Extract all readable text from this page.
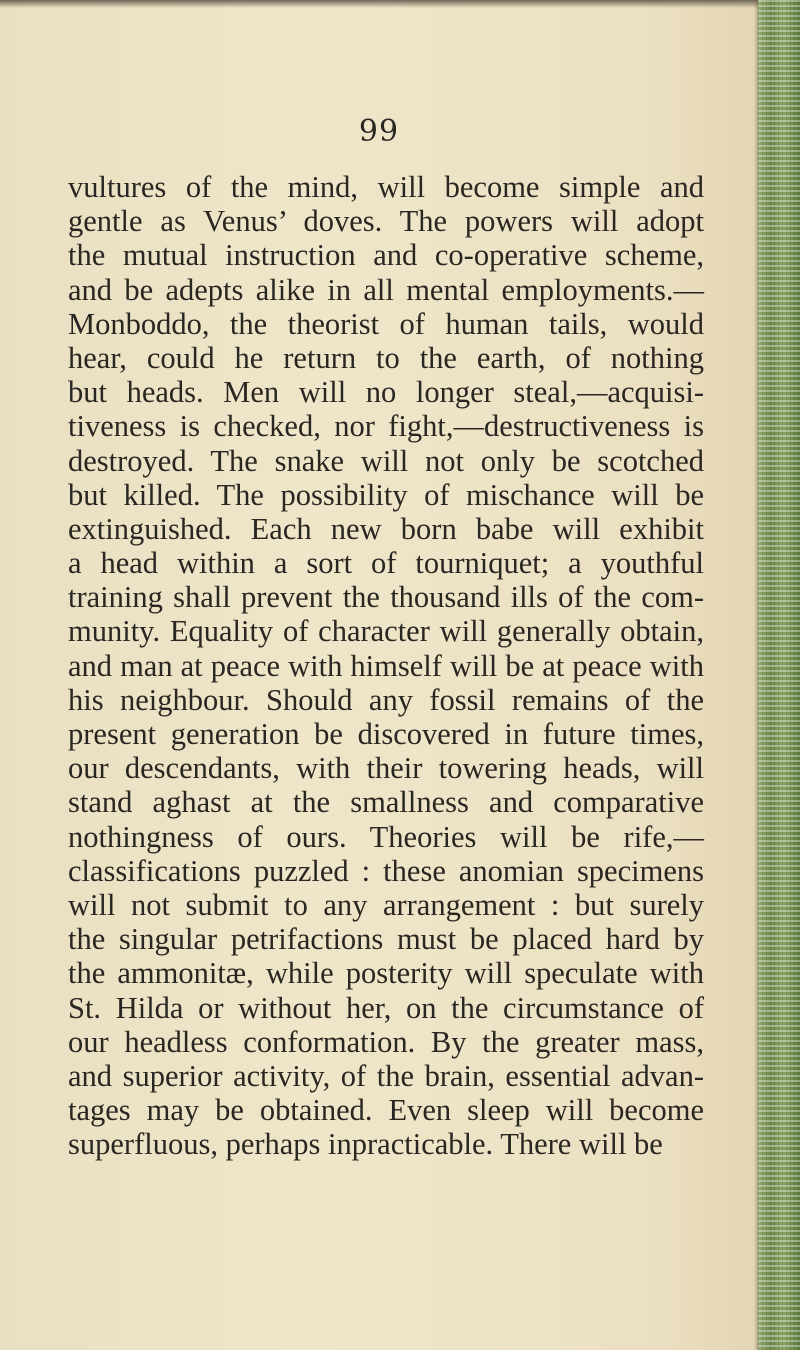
99
vultures of the mind, will become simple and
gentle as Venus’ doves. The powers will adopt
the mutual instruction and co-operative scheme,
and be adepts alike in all mental employments.—
Monboddo, the theorist of human tails, would
hear, could he return to the earth, of nothing
but heads. Men will no longer steal,—acquisi-
tiveness is checked, nor fight,—destructiveness is
destroyed. The snake will not only be scotched
but killed. The possibility of mischance will be
extinguished. Each new born babe will exhibit
a head within a sort of tourniquet; a youthful
training shall prevent the thousand ills of the com-
munity. Equality of character will generally obtain,
and man at peace with himself will be at peace with
his neighbour. Should any fossil remains of the
present generation be discovered in future times,
our descendants, with their towering heads, will
stand aghast at the smallness and comparative
nothingness of ours. Theories will be rife,—
classifications puzzled : these anomian specimens
will not submit to any arrangement : but surely
the singular petrifactions must be placed hard by
the ammonitæ, while posterity will speculate with
St. Hilda or without her, on the circumstance of
our headless conformation. By the greater mass,
and superior activity, of the brain, essential advan-
tages may be obtained. Even sleep will become
superfluous, perhaps inpracticable. There will be
